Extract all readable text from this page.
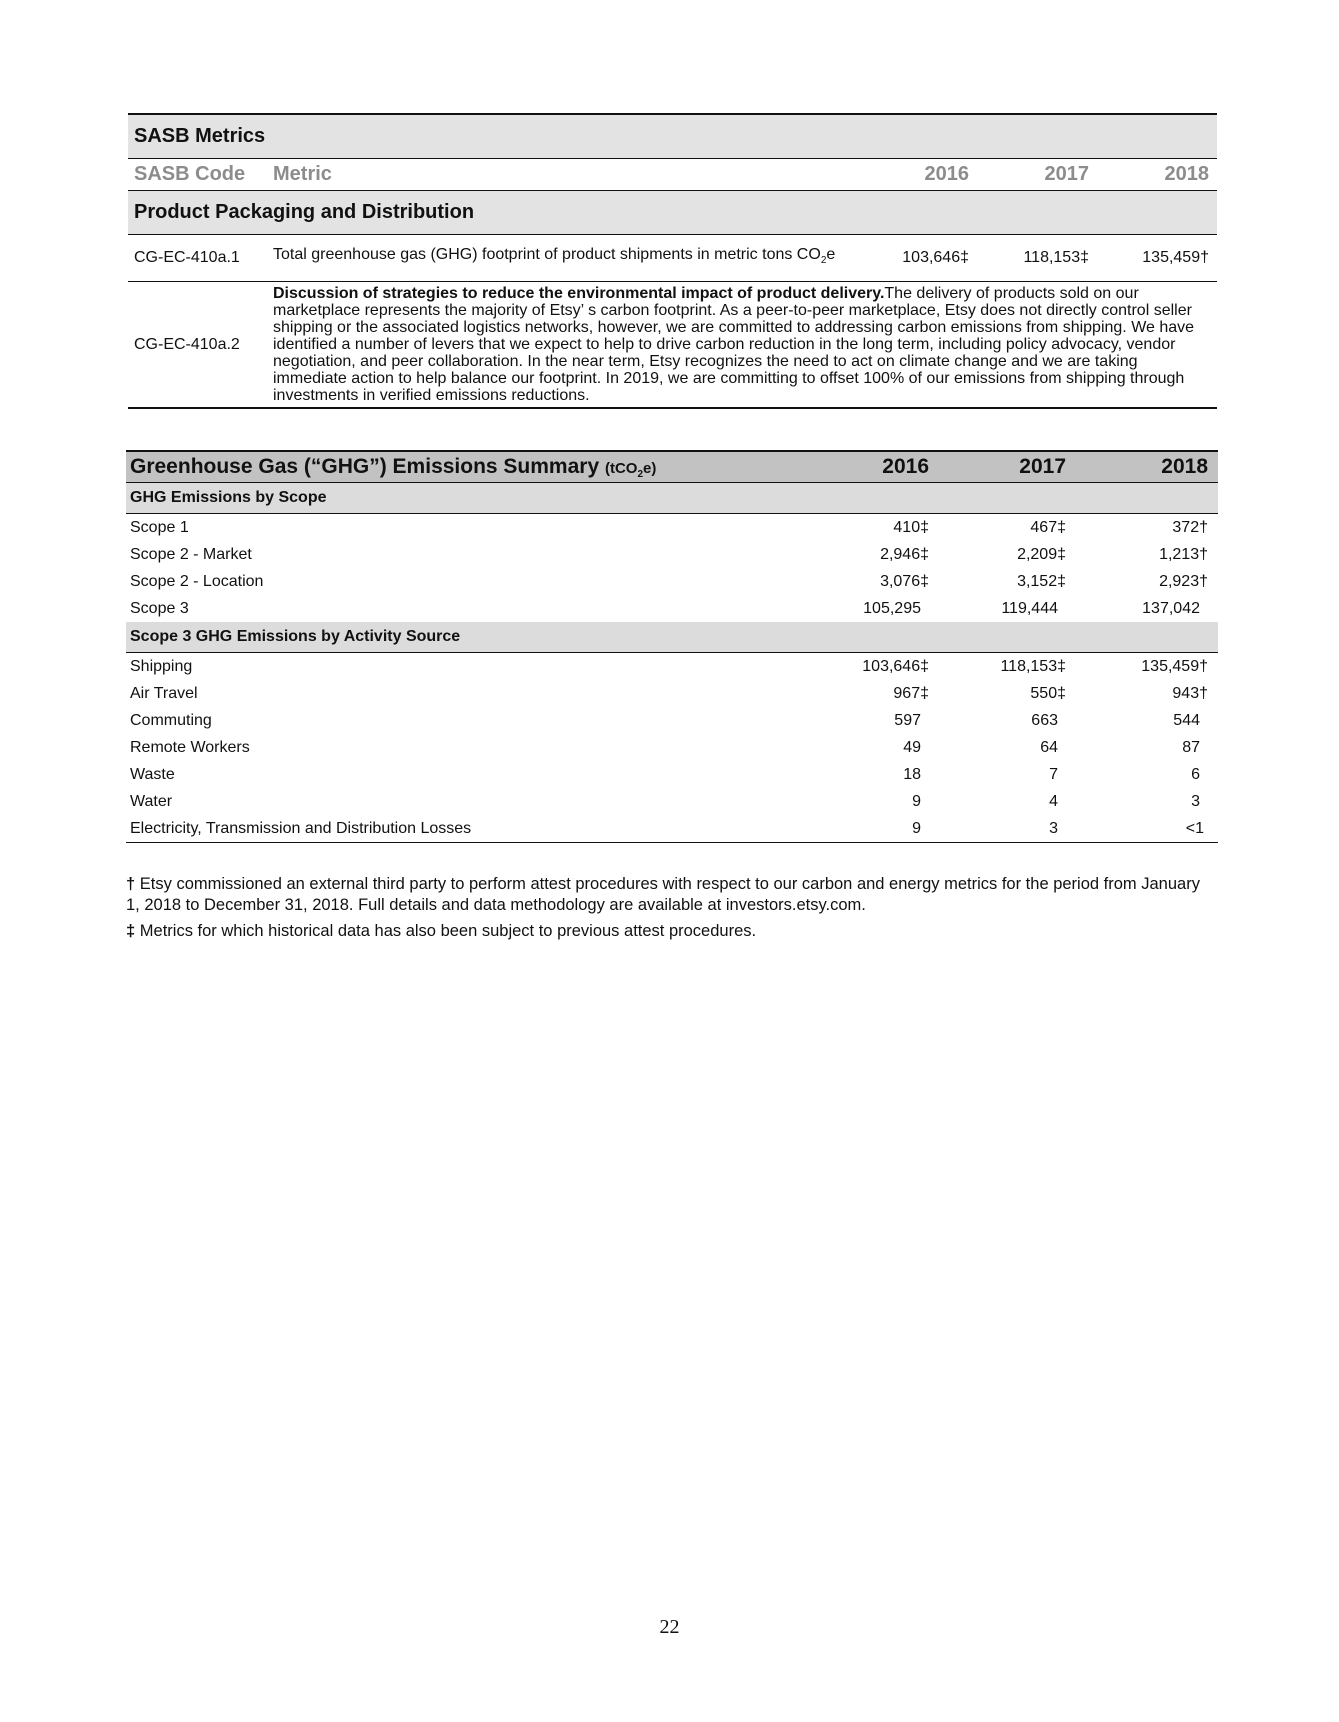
SASB Metrics				
SASB Code	Metric	2016	2017	2018
Product Packaging and Distribution				
CG-EC-410a.1	Total greenhouse gas (GHG) footprint of product shipments in metric tons $CO_2e$	103,646‡	118,153‡	135,459†
CG-EC-410a.2	Discussion of strategies to reduce the environmental impact of product delivery.The delivery of products sold on our marketplace represents the majority of Etsy’ s carbon footprint. As a peer-to-peer marketplace, Etsy does not directly control seller shipping or the associated logistics networks, however, we are committed to addressing carbon emissions from shipping. We have identified a number of levers that we expect to help to drive carbon reduction in the long term, including policy advocacy, vendor negotiation, and peer collaboration. In the near term, Etsy recognizes the need to act on climate change and we are taking immediate action to help balance our footprint. In 2019, we are committing to offset 100% of our emissions from shipping through investments in verified emissions reductions.			
Greenhouse Gas (“GHG”) Emissions Summary (tCO$_2$e)	2016	2017	2018
GHG Emissions by Scope			
Scope 1	410‡	467‡	372†
Scope 2 - Market	2,946‡	2,209‡	1,213†
Scope 2 - Location	3,076‡	3,152‡	2,923†
Scope 3	105,295	119,444	137,042
Scope 3 GHG Emissions by Activity Source			
Shipping	103,646‡	118,153‡	135,459†
Air Travel	967‡	550‡	943†
Commuting	597	663	544
Remote Workers	49	64	87
Waste	18	7	6
Water	9	4	3
Electricity, Transmission and Distribution Losses	9	3	<1

† Etsy commissioned an external third party to perform attest procedures with respect to our carbon and energy metrics for the period from January 1, 2018 to December 31, 2018. Full details and data methodology are available at investors.etsy.com.

‡ Metrics for which historical data has also been subject to previous attest procedures.

22
